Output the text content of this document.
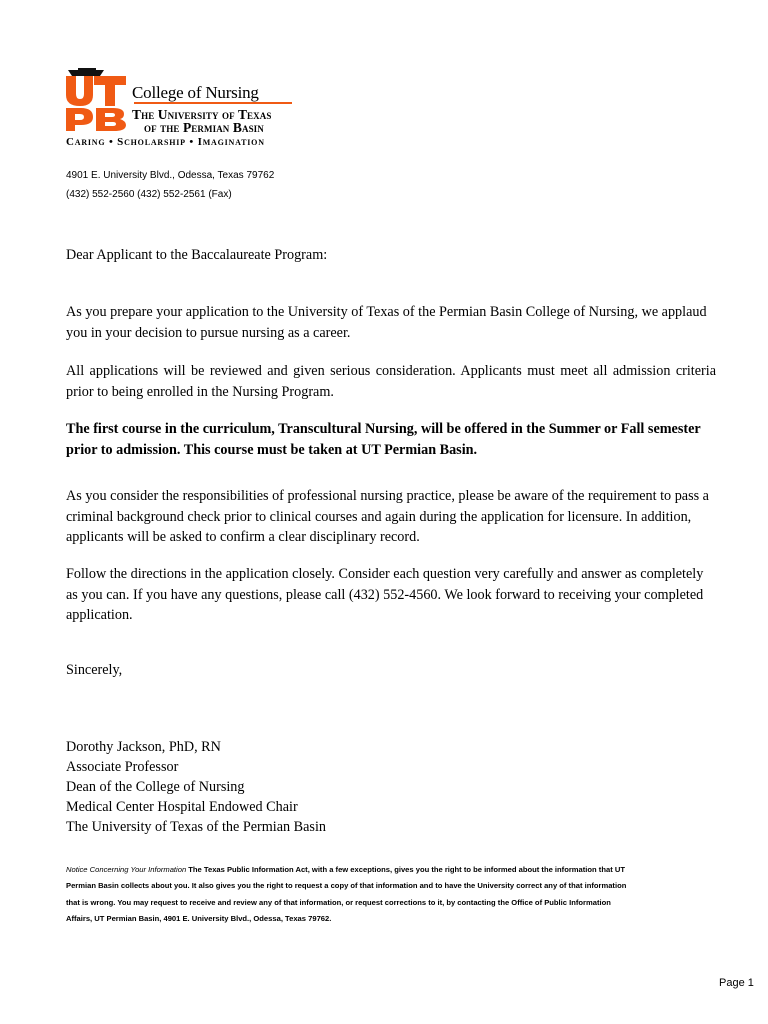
College of Nursing
The University of Texas
of the Permian Basin
Caring • Scholarship • Imagination
4901 E. University Blvd., Odessa, Texas 79762
(432) 552-2560 (432) 552-2561 (Fax)
Dear Applicant to the Baccalaureate Program:

As you prepare your application to the University of Texas of the Permian Basin College of Nursing, we applaud you in your decision to pursue nursing as a career.

All applications will be reviewed and given serious consideration. Applicants must meet all admission criteria prior to being enrolled in the Nursing Program.

The first course in the curriculum, Transcultural Nursing, will be offered in the Summer or Fall semester prior to admission. This course must be taken at UT Permian Basin.

As you consider the responsibilities of professional nursing practice, please be aware of the requirement to pass a criminal background check prior to clinical courses and again during the application for licensure. In addition, applicants will be asked to confirm a clear disciplinary record.

Follow the directions in the application closely. Consider each question very carefully and answer as completely as you can. If you have any questions, please call (432) 552-4560. We look forward to receiving your completed application.

Sincerely,
Dorothy Jackson, PhD, RN
Associate Professor
Dean of the College of Nursing
Medical Center Hospital Endowed Chair
The University of Texas of the Permian Basin
Notice Concerning Your Information The Texas Public Information Act, with a few exceptions, gives you the right to be informed about the information that UT Permian Basin collects about you. It also gives you the right to request a copy of that information and to have the University correct any of that information that is wrong. You may request to receive and review any of that information, or request corrections to it, by contacting the Office of Public Information Affairs, UT Permian Basin, 4901 E. University Blvd., Odessa, Texas 79762.
Page 1
